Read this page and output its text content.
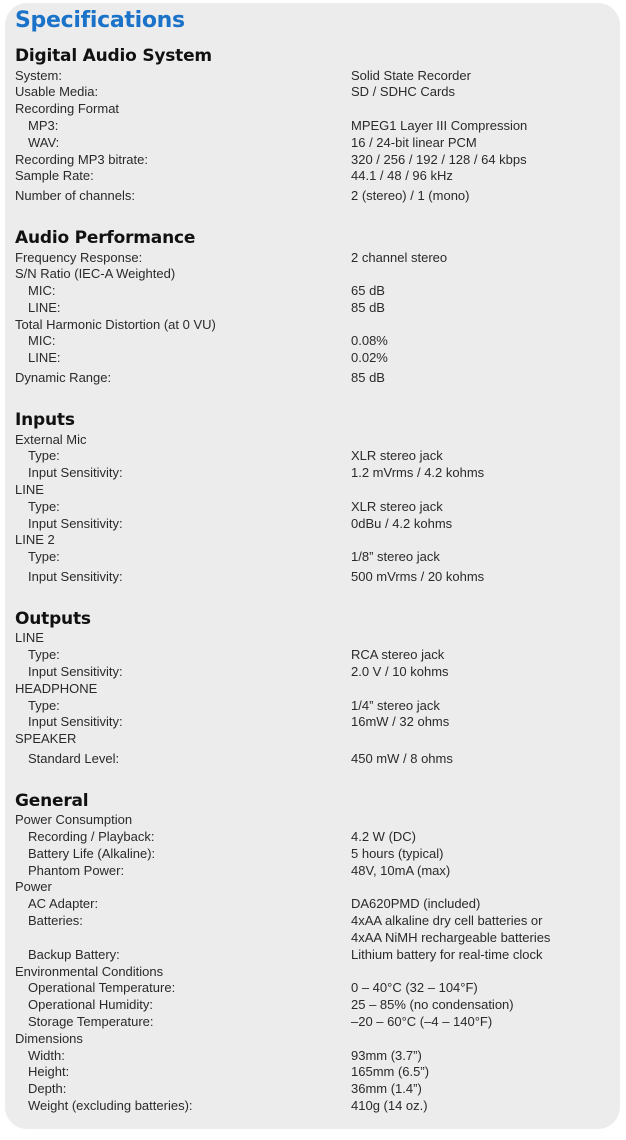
Specifications
Digital Audio System
System:	Solid State Recorder
Usable Media:	SD / SDHC Cards
Recording Format
MP3:	MPEG1 Layer III Compression
WAV:	16 / 24-bit linear PCM
Recording MP3 bitrate:	320 / 256 / 192 / 128 / 64 kbps
Sample Rate:	44.1 / 48 / 96 kHz
Number of channels:	2 (stereo) / 1 (mono)
Audio Performance
Frequency Response:	2 channel stereo
S/N Ratio (IEC-A Weighted)
MIC:	65 dB
LINE:	85 dB
Total Harmonic Distortion (at 0 VU)
MIC:	0.08%
LINE:	0.02%
Dynamic Range:	85 dB
Inputs
External Mic
Type:	XLR stereo jack
Input Sensitivity:	1.2 mVrms / 4.2 kohms
LINE
Type:	XLR stereo jack
Input Sensitivity:	0dBu / 4.2 kohms
LINE 2
Type:	1/8” stereo jack
Input Sensitivity:	500 mVrms / 20 kohms
Outputs
LINE
Type:	RCA stereo jack
Input Sensitivity:	2.0 V / 10 kohms
HEADPHONE
Type:	1/4” stereo jack
Input Sensitivity:	16mW / 32 ohms
SPEAKER
Standard Level:	450 mW / 8 ohms
General
Power Consumption
Recording / Playback:	4.2 W (DC)
Battery Life (Alkaline):	5 hours (typical)
Phantom Power:	48V, 10mA (max)
Power
AC Adapter:	DA620PMD (included)
Batteries:	4xAA alkaline dry cell batteries or
4xAA NiMH rechargeable batteries
Backup Battery:	Lithium battery for real-time clock
Environmental Conditions
Operational Temperature:	0 – 40°C (32 – 104°F)
Operational Humidity:	25 – 85% (no condensation)
Storage Temperature:	–20 – 60°C (–4 – 140°F)
Dimensions
Width:	93mm (3.7”)
Height:	165mm (6.5”)
Depth:	36mm (1.4”)
Weight (excluding batteries):	410g (14 oz.)
